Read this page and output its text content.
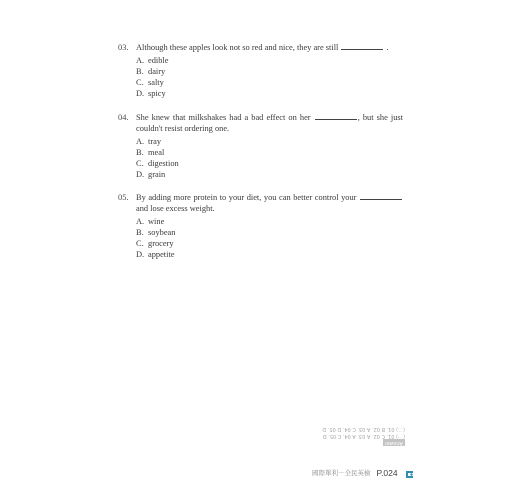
03. Although these apples look not so red and nice, they are still	.
A. edible
B. dairy
C. salty
D. spicy
04. She knew that milkshakes had a bad effect on her	, but she just couldn't resist ordering one.
A. tray
B. meal
C. digestion
D. grain
05. By adding more protein to your diet, you can better control your  and lose excess weight.
A. wine
B. soybean
C. grocery
D. appetite
Answer
(一) 01. C 02. A 03. A 04. C 05. D
(二) 01. B 02. A 03. C 04. D 05. D
國際單利－全民英檢 P.024
